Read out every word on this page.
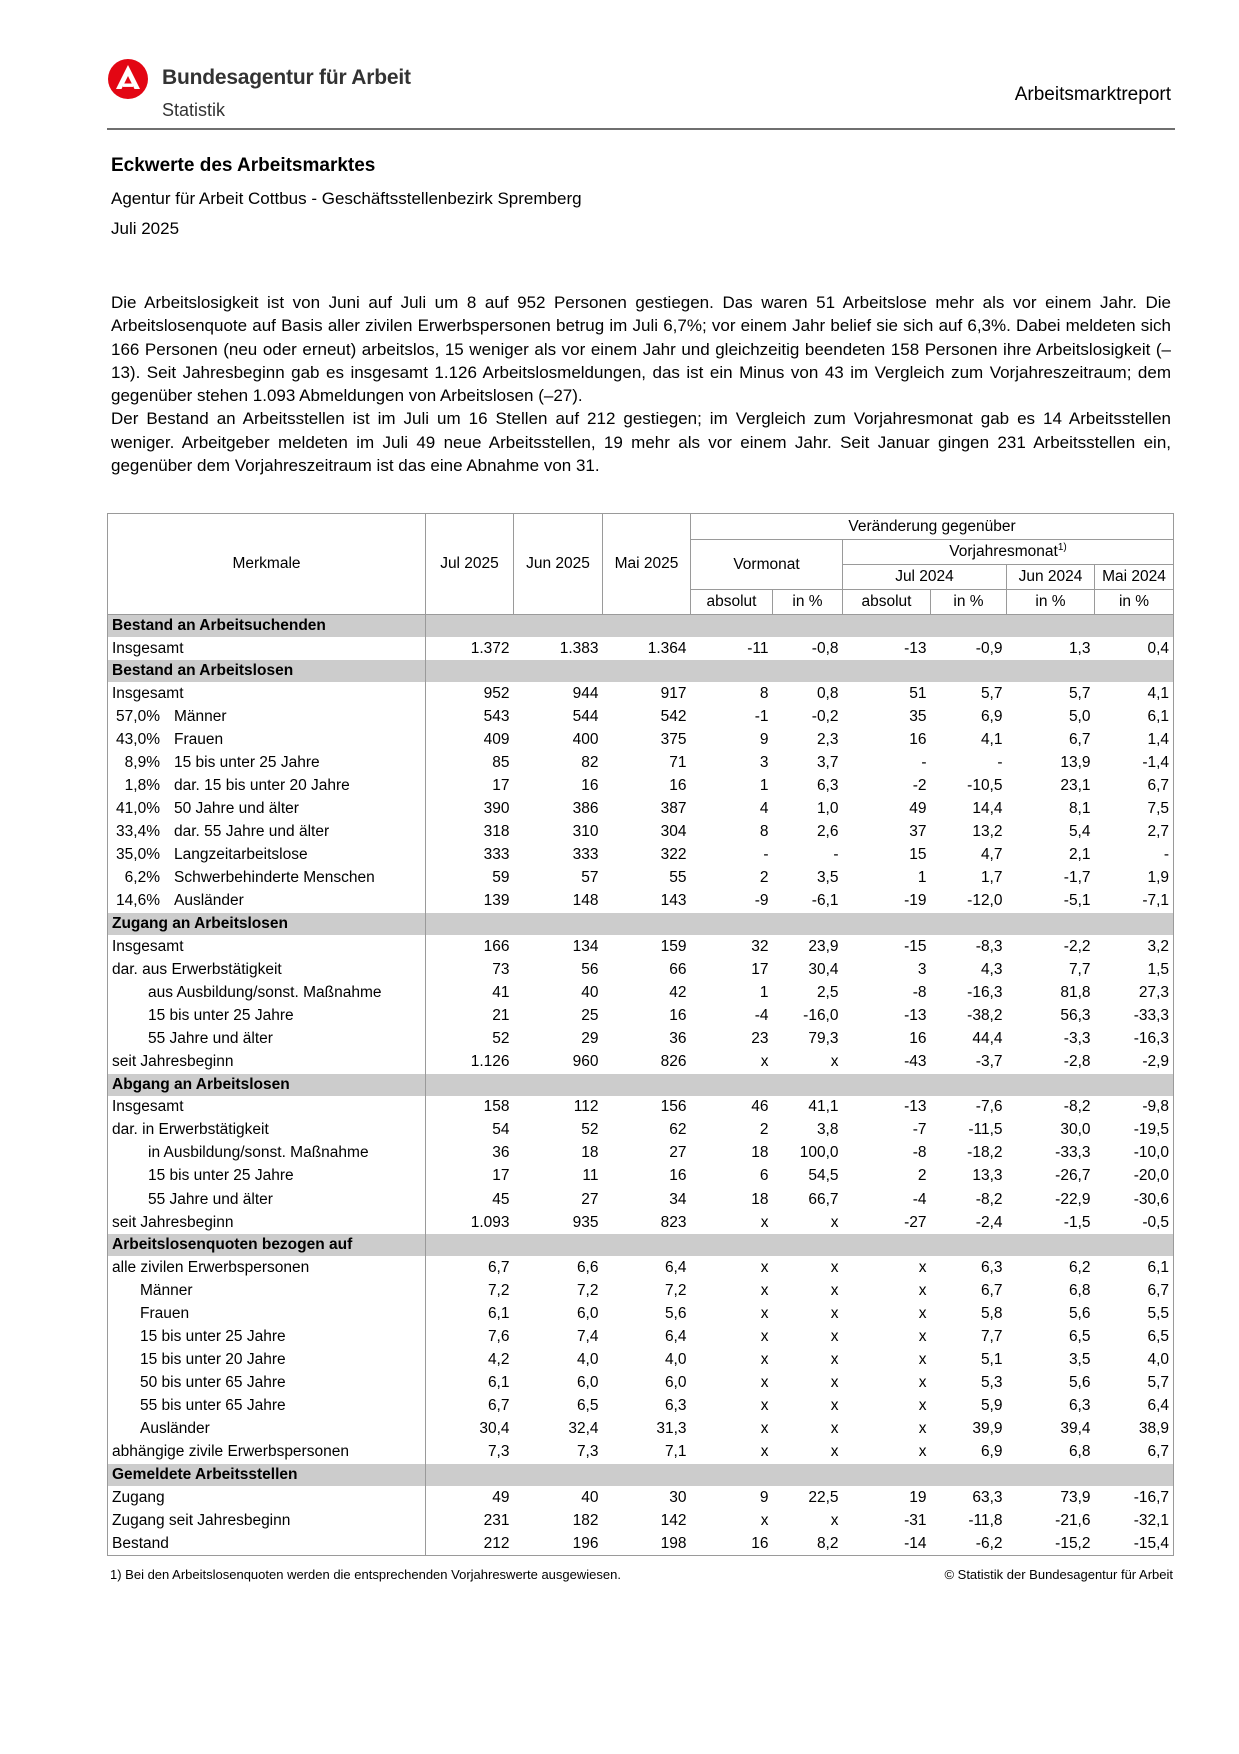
Bundesagentur für Arbeit
Statistik
Arbeitsmarktreport
Eckwerte des Arbeitsmarktes
Agentur für Arbeit Cottbus - Geschäftsstellenbezirk Spremberg
Juli 2025

Die Arbeitslosigkeit ist von Juni auf Juli um 8 auf 952 Personen gestiegen. Das waren 51 Arbeitslose mehr als vor einem Jahr. Die Arbeitslosenquote auf Basis aller zivilen Erwerbspersonen betrug im Juli 6,7%; vor einem Jahr belief sie sich auf 6,3%. Dabei meldeten sich 166 Personen (neu oder erneut) arbeitslos, 15 weniger als vor einem Jahr und gleichzeitig beendeten 158 Personen ihre Arbeitslosigkeit (–13). Seit Jahresbeginn gab es insgesamt 1.126 Arbeitslosmeldungen, das ist ein Minus von 43 im Vergleich zum Vorjahreszeitraum; dem gegenüber stehen 1.093 Abmeldungen von Arbeitslosen (–27).

Der Bestand an Arbeitsstellen ist im Juli um 16 Stellen auf 212 gestiegen; im Vergleich zum Vorjahresmonat gab es 14 Arbeitsstellen weniger. Arbeitgeber meldeten im Juli 49 neue Arbeitsstellen, 19 mehr als vor einem Jahr. Seit Januar gingen 231 Arbeitsstellen ein, gegenüber dem Vorjahreszeitraum ist das eine Abnahme von 31.

Merkmale	Jul 2025	Jun 2025	Mai 2025	Veränderung gegenüber					
				Vormonat		Vorjahresmonat$^{1)}$
						Jul 2024		Jun 2024	Mai 2024
				absolut	in %	absolut	in %	in %	in %
Bestand an Arbeitsuchenden									
Insgesamt	1.372	1.383	1.364	-11	-0,8	-13	-0,9	1,3	0,4
Bestand an Arbeitslosen									
Insgesamt	952	944	917	8	0,8	51	5,7	5,7	4,1
57,0% Männer	543	544	542	-1	-0,2	35	6,9	5,0	6,1
43,0% Frauen	409	400	375	9	2,3	16	4,1	6,7	1,4
8,9% 15 bis unter 25 Jahre	85	82	71	3	3,7	-	-	13,9	-1,4
1,8% dar. 15 bis unter 20 Jahre	17	16	16	1	6,3	-2	-10,5	23,1	6,7
41,0% 50 Jahre und älter	390	386	387	4	1,0	49	14,4	8,1	7,5
33,4% dar. 55 Jahre und älter	318	310	304	8	2,6	37	13,2	5,4	2,7
35,0% Langzeitarbeitslose	333	333	322	-	-	15	4,7	2,1	-
6,2% Schwerbehinderte Menschen	59	57	55	2	3,5	1	1,7	-1,7	1,9
14,6% Ausländer	139	148	143	-9	-6,1	-19	-12,0	-5,1	-7,1
Zugang an Arbeitslosen									
Insgesamt	166	134	159	32	23,9	-15	-8,3	-2,2	3,2
dar. aus Erwerbstätigkeit	73	56	66	17	30,4	3	4,3	7,7	1,5
aus Ausbildung/sonst. Maßnahme	41	40	42	1	2,5	-8	-16,3	81,8	27,3
15 bis unter 25 Jahre	21	25	16	-4	-16,0	-13	-38,2	56,3	-33,3
55 Jahre und älter	52	29	36	23	79,3	16	44,4	-3,3	-16,3
seit Jahresbeginn	1.126	960	826	x	x	-43	-3,7	-2,8	-2,9
Abgang an Arbeitslosen									
Insgesamt	158	112	156	46	41,1	-13	-7,6	-8,2	-9,8
dar. in Erwerbstätigkeit	54	52	62	2	3,8	-7	-11,5	30,0	-19,5
in Ausbildung/sonst. Maßnahme	36	18	27	18	100,0	-8	-18,2	-33,3	-10,0
15 bis unter 25 Jahre	17	11	16	6	54,5	2	13,3	-26,7	-20,0
55 Jahre und älter	45	27	34	18	66,7	-4	-8,2	-22,9	-30,6
seit Jahresbeginn	1.093	935	823	x	x	-27	-2,4	-1,5	-0,5
Arbeitslosenquoten bezogen auf									
alle zivilen Erwerbspersonen	6,7	6,6	6,4	x	x	x	6,3	6,2	6,1
Männer	7,2	7,2	7,2	x	x	x	6,7	6,8	6,7
Frauen	6,1	6,0	5,6	x	x	x	5,8	5,6	5,5
15 bis unter 25 Jahre	7,6	7,4	6,4	x	x	x	7,7	6,5	6,5
15 bis unter 20 Jahre	4,2	4,0	4,0	x	x	x	5,1	3,5	4,0
50 bis unter 65 Jahre	6,1	6,0	6,0	x	x	x	5,3	5,6	5,7
55 bis unter 65 Jahre	6,7	6,5	6,3	x	x	x	5,9	6,3	6,4
Ausländer	30,4	32,4	31,3	x	x	x	39,9	39,4	38,9
abhängige zivile Erwerbspersonen	7,3	7,3	7,1	x	x	x	6,9	6,8	6,7
Gemeldete Arbeitsstellen									
Zugang	49	40	30	9	22,5	19	63,3	73,9	-16,7
Zugang seit Jahresbeginn	231	182	142	x	x	-31	-11,8	-21,6	-32,1
Bestand	212	196	198	16	8,2	-14	-6,2	-15,2	-15,4
1) Bei den Arbeitslosenquoten werden die entsprechenden Vorjahreswerte ausgewiesen.	© Statistik der Bundesagentur für Arbeit
